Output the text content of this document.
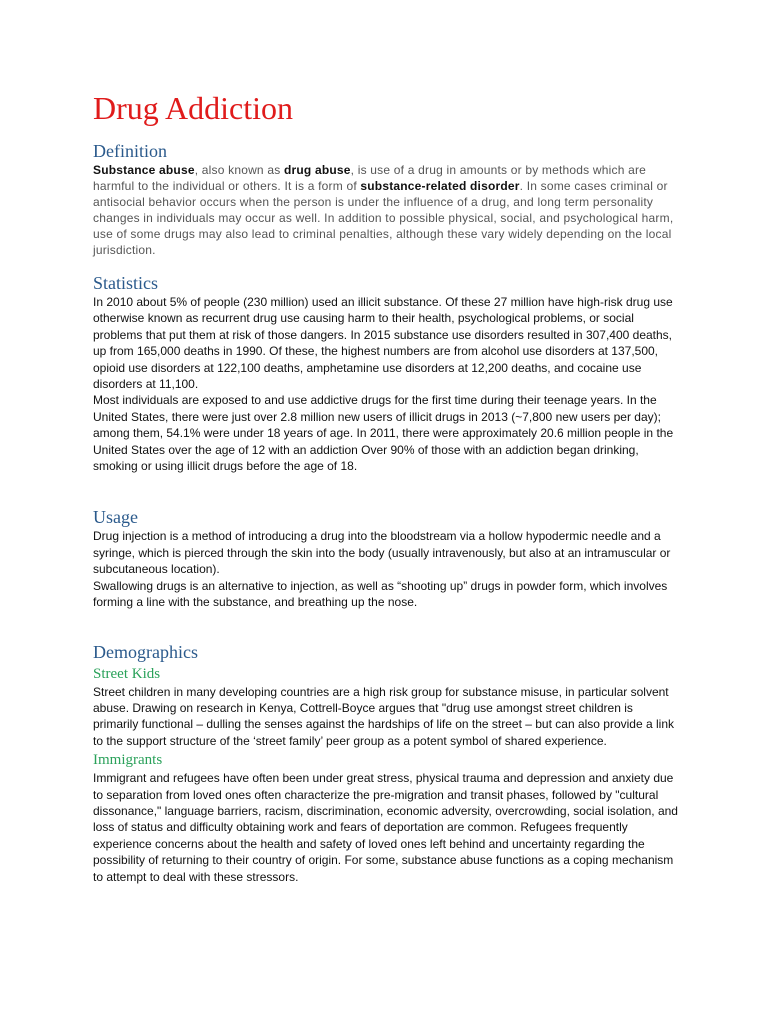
Drug Addiction
Definition

Substance abuse, also known as drug abuse, is use of a drug in amounts or by methods which are harmful to the individual or others. It is a form of substance-related disorder. In some cases criminal or antisocial behavior occurs when the person is under the influence of a drug, and long term personality changes in individuals may occur as well. In addition to possible physical, social, and psychological harm, use of some drugs may also lead to criminal penalties, although these vary widely depending on the local jurisdiction.

Statistics

In 2010 about 5% of people (230 million) used an illicit substance. Of these 27 million have high-risk drug use otherwise known as recurrent drug use causing harm to their health, psychological problems, or social problems that put them at risk of those dangers. In 2015 substance use disorders resulted in 307,400 deaths, up from 165,000 deaths in 1990. Of these, the highest numbers are from alcohol use disorders at 137,500, opioid use disorders at 122,100 deaths, amphetamine use disorders at 12,200 deaths, and cocaine use disorders at 11,100.

Most individuals are exposed to and use addictive drugs for the first time during their teenage years. In the United States, there were just over 2.8 million new users of illicit drugs in 2013 (~7,800 new users per day); among them, 54.1% were under 18 years of age. In 2011, there were approximately 20.6 million people in the United States over the age of 12 with an addiction Over 90% of those with an addiction began drinking, smoking or using illicit drugs before the age of 18.

Usage

Drug injection is a method of introducing a drug into the bloodstream via a hollow hypodermic needle and a syringe, which is pierced through the skin into the body (usually intravenously, but also at an intramuscular or subcutaneous location).

Swallowing drugs is an alternative to injection, as well as “shooting up” drugs in powder form, which involves forming a line with the substance, and breathing up the nose.

Demographics
Street Kids

Street children in many developing countries are a high risk group for substance misuse, in particular solvent abuse. Drawing on research in Kenya, Cottrell-Boyce argues that "drug use amongst street children is primarily functional – dulling the senses against the hardships of life on the street – but can also provide a link to the support structure of the ‘street family’ peer group as a potent symbol of shared experience.

Immigrants

Immigrant and refugees have often been under great stress, physical trauma and depression and anxiety due to separation from loved ones often characterize the pre-migration and transit phases, followed by "cultural dissonance," language barriers, racism, discrimination, economic adversity, overcrowding, social isolation, and loss of status and difficulty obtaining work and fears of deportation are common. Refugees frequently experience concerns about the health and safety of loved ones left behind and uncertainty regarding the possibility of returning to their country of origin. For some, substance abuse functions as a coping mechanism to attempt to deal with these stressors.
